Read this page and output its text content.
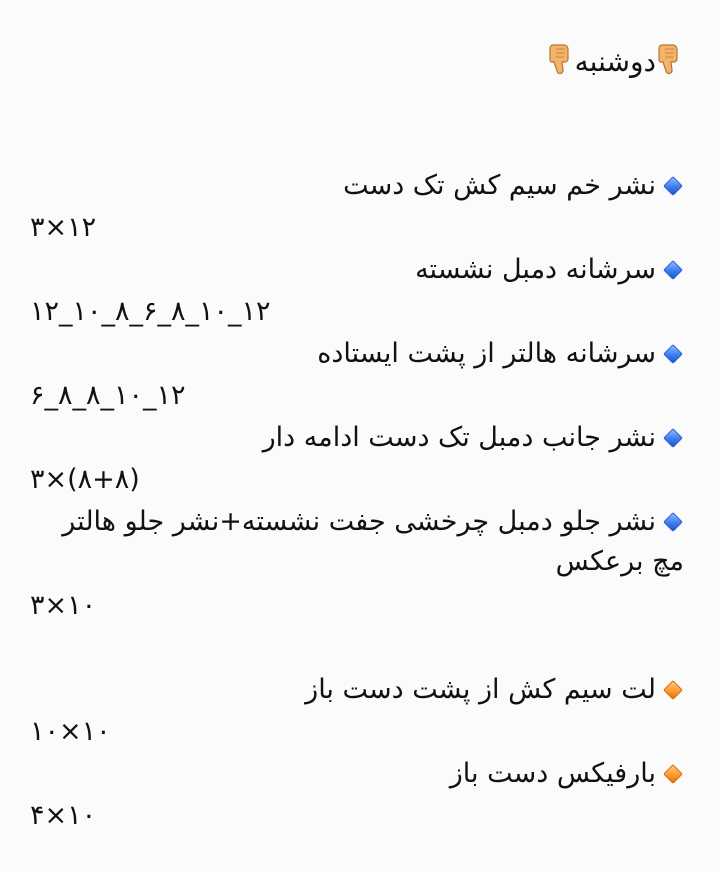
دوشنبه
نشر خم سیم کش تک دست
۳×۱۲
سرشانه دمبل نشسته
۱۲_۱۰_۸_۶_۸_۱۰_۱۲
سرشانه هالتر از پشت ایستاده
۶_۸_۸_۱۰_۱۲
نشر جانب دمبل تک دست ادامه دار
۳×(۸+۸)
نشر جلو دمبل چرخشی جفت نشسته+نشر جلو هالتر مچ برعکس
۳×۱۰
لت سیم کش از پشت دست باز
۱۰×۱۰
بارفیکس دست باز
۴×۱۰
